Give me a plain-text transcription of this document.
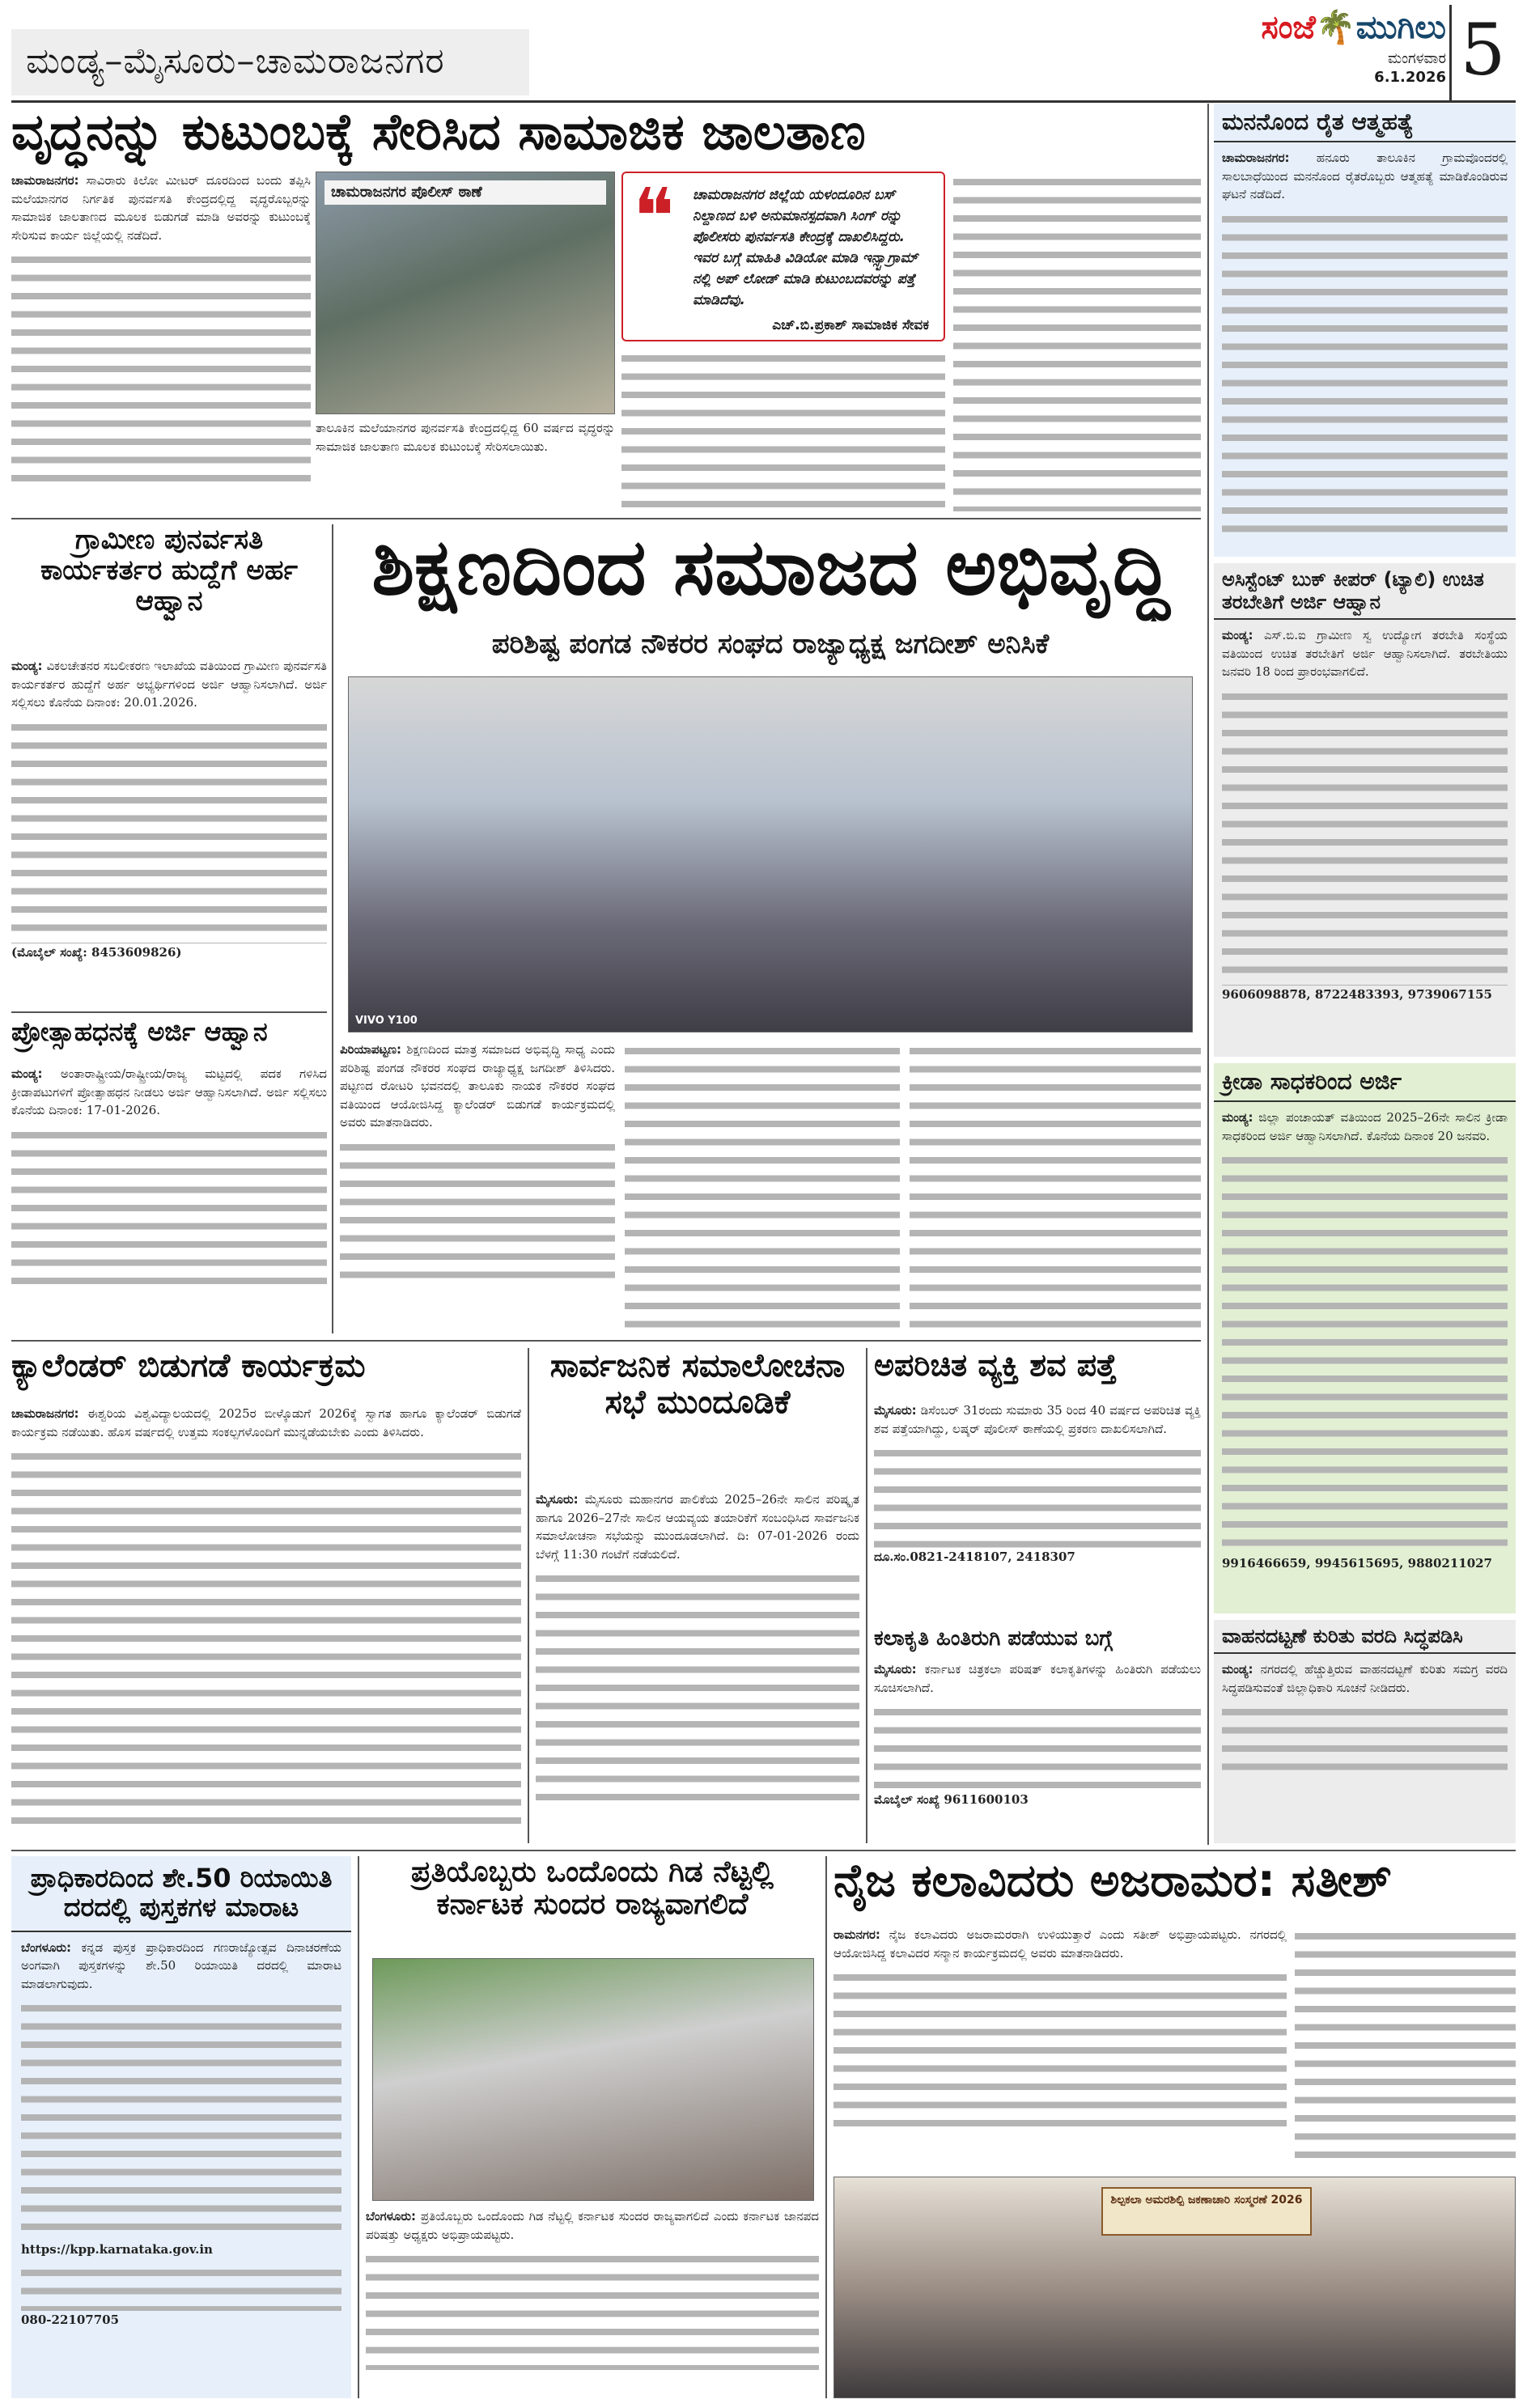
ಮಂಡ್ಯ–ಮೈಸೂರು–ಚಾಮರಾಜನಗರ
ಸಂಜೆ🌴ಮುಗಿಲು
ಮಂಗಳವಾರ
6.1.2026 5
ವೃದ್ಧನನ್ನು ಕುಟುಂಬಕ್ಕೆ ಸೇರಿಸಿದ ಸಾಮಾಜಿಕ ಜಾಲತಾಣ
ಚಾಮರಾಜನಗರ: ಸಾವಿರಾರು ಕಿಲೋ ಮೀಟರ್ ದೂರದಿಂದ ಬಂದು ತಪ್ಪಿಸಿ ಮಲೆಯಾನಗರ ನಿರ್ಗತಿಕ ಪುನರ್ವಸತಿ ಕೇಂದ್ರದಲ್ಲಿದ್ದ ವೃದ್ಧರೊಬ್ಬರನ್ನು ಸಾಮಾಜಿಕ ಜಾಲತಾಣದ ಮೂಲಕ ಬಿಡುಗಡೆ ಮಾಡಿ ಅವರನ್ನು ಕುಟುಂಬಕ್ಕೆ ಸೇರಿಸುವ ಕಾರ್ಯ ಜಿಲ್ಲೆಯಲ್ಲಿ ನಡೆದಿದೆ.
ಚಾಮರಾಜನಗರ ಪೊಲೀಸ್ ಠಾಣೆ
ತಾಲೂಕಿನ ಮಲೆಯಾನಗರ ಪುನರ್ವಸತಿ ಕೇಂದ್ರದಲ್ಲಿದ್ದ 60 ವರ್ಷದ ವೃದ್ಧರನ್ನು ಸಾಮಾಜಿಕ ಜಾಲತಾಣ ಮೂಲಕ ಕುಟುಂಬಕ್ಕೆ ಸೇರಿಸಲಾಯಿತು.
❝ ಚಾಮರಾಜನಗರ ಜಿಲ್ಲೆಯ ಯಳಂದೂರಿನ ಬಸ್ ನಿಲ್ದಾಣದ ಬಳಿ ಅನುಮಾನಸ್ಪದವಾಗಿ ಸಿಂಗ್ ರನ್ನು ಪೊಲೀಸರು ಪುನರ್ವಸತಿ ಕೇಂದ್ರಕ್ಕೆ ದಾಖಲಿಸಿದ್ದರು. ಇವರ ಬಗ್ಗೆ ಮಾಹಿತಿ ವಿಡಿಯೋ ಮಾಡಿ ಇನ್ಸ್ಟಾಗ್ರಾಮ್ ನಲ್ಲಿ ಅಪ್ ಲೋಡ್ ಮಾಡಿ ಕುಟುಂಬದವರನ್ನು ಪತ್ತೆ ಮಾಡಿದೆವು.
ಎಚ್.ಬಿ.ಪ್ರಕಾಶ್ ಸಾಮಾಜಿಕ ಸೇವಕ
ಗ್ರಾಮೀಣ ಪುನರ್ವಸತಿ ಕಾರ್ಯಕರ್ತರ ಹುದ್ದೆಗೆ ಅರ್ಹ ಆಹ್ವಾನ
ಮಂಡ್ಯ: ವಿಕಲಚೇತನರ ಸಬಲೀಕರಣ ಇಲಾಖೆಯ ವತಿಯಿಂದ ಗ್ರಾಮೀಣ ಪುನರ್ವಸತಿ ಕಾರ್ಯಕರ್ತರ ಹುದ್ದೆಗೆ ಅರ್ಹ ಅಭ್ಯರ್ಥಿಗಳಿಂದ ಅರ್ಜಿ ಆಹ್ವಾನಿಸಲಾಗಿದೆ. ಅರ್ಜಿ ಸಲ್ಲಿಸಲು ಕೊನೆಯ ದಿನಾಂಕ: 20.01.2026.
(ಮೊಬೈಲ್ ಸಂಖ್ಯೆ: 8453609826)
ಪ್ರೋತ್ಸಾಹಧನಕ್ಕೆ ಅರ್ಜಿ ಆಹ್ವಾನ
ಮಂಡ್ಯ: ಅಂತಾರಾಷ್ಟ್ರೀಯ/ರಾಷ್ಟ್ರೀಯ/ರಾಜ್ಯ ಮಟ್ಟದಲ್ಲಿ ಪದಕ ಗಳಿಸಿದ ಕ್ರೀಡಾಪಟುಗಳಿಗೆ ಪ್ರೋತ್ಸಾಹಧನ ನೀಡಲು ಅರ್ಜಿ ಆಹ್ವಾನಿಸಲಾಗಿದೆ. ಅರ್ಜಿ ಸಲ್ಲಿಸಲು ಕೊನೆಯ ದಿನಾಂಕ: 17-01-2026.
ಶಿಕ್ಷಣದಿಂದ ಸಮಾಜದ ಅಭಿವೃದ್ಧಿ
ಪರಿಶಿಷ್ಟ ಪಂಗಡ ನೌಕರರ ಸಂಘದ ರಾಜ್ಯಾಧ್ಯಕ್ಷ ಜಗದೀಶ್ ಅನಿಸಿಕೆ
VIVO Y100
ಪಿರಿಯಾಪಟ್ಟಣ: ಶಿಕ್ಷಣದಿಂದ ಮಾತ್ರ ಸಮಾಜದ ಅಭಿವೃದ್ಧಿ ಸಾಧ್ಯ ಎಂದು ಪರಿಶಿಷ್ಟ ಪಂಗಡ ನೌಕರರ ಸಂಘದ ರಾಜ್ಯಾಧ್ಯಕ್ಷ ಜಗದೀಶ್ ತಿಳಿಸಿದರು. ಪಟ್ಟಣದ ರೋಟರಿ ಭವನದಲ್ಲಿ ತಾಲೂಕು ನಾಯಕ ನೌಕರರ ಸಂಘದ ವತಿಯಿಂದ ಆಯೋಜಿಸಿದ್ದ ಕ್ಯಾಲೆಂಡರ್ ಬಿಡುಗಡೆ ಕಾರ್ಯಕ್ರಮದಲ್ಲಿ ಅವರು ಮಾತನಾಡಿದರು.
ಕ್ಯಾಲೆಂಡರ್ ಬಿಡುಗಡೆ ಕಾರ್ಯಕ್ರಮ
ಚಾಮರಾಜನಗರ: ಈಶ್ವರಿಯ ವಿಶ್ವವಿದ್ಯಾಲಯದಲ್ಲಿ 2025ರ ಬೀಳ್ಕೊಡುಗೆ 2026ಕ್ಕೆ ಸ್ವಾಗತ ಹಾಗೂ ಕ್ಯಾಲೆಂಡರ್ ಬಿಡುಗಡೆ ಕಾರ್ಯಕ್ರಮ ನಡೆಯಿತು. ಹೊಸ ವರ್ಷದಲ್ಲಿ ಉತ್ತಮ ಸಂಕಲ್ಪಗಳೊಂದಿಗೆ ಮುನ್ನಡೆಯಬೇಕು ಎಂದು ತಿಳಿಸಿದರು.
ಸಾರ್ವಜನಿಕ ಸಮಾಲೋಚನಾ ಸಭೆ ಮುಂದೂಡಿಕೆ
ಮೈಸೂರು: ಮೈಸೂರು ಮಹಾನಗರ ಪಾಲಿಕೆಯ 2025–26ನೇ ಸಾಲಿನ ಪರಿಷ್ಕೃತ ಹಾಗೂ 2026–27ನೇ ಸಾಲಿನ ಆಯವ್ಯಯ ತಯಾರಿಕೆಗೆ ಸಂಬಂಧಿಸಿದ ಸಾರ್ವಜನಿಕ ಸಮಾಲೋಚನಾ ಸಭೆಯನ್ನು ಮುಂದೂಡಲಾಗಿದೆ. ದಿ: 07-01-2026 ರಂದು ಬೆಳಗ್ಗೆ 11:30 ಗಂಟೆಗೆ ನಡೆಯಲಿದೆ.
ಅಪರಿಚಿತ ವ್ಯಕ್ತಿ ಶವ ಪತ್ತೆ
ಮೈಸೂರು: ಡಿಸೆಂಬರ್ 31ರಂದು ಸುಮಾರು 35 ರಿಂದ 40 ವರ್ಷದ ಅಪರಿಚಿತ ವ್ಯಕ್ತಿ ಶವ ಪತ್ತೆಯಾಗಿದ್ದು, ಲಷ್ಕರ್ ಪೊಲೀಸ್ ಠಾಣೆಯಲ್ಲಿ ಪ್ರಕರಣ ದಾಖಲಿಸಲಾಗಿದೆ.
ದೂ.ಸಂ.0821-2418107, 2418307
ಕಲಾಕೃತಿ ಹಿಂತಿರುಗಿ ಪಡೆಯುವ ಬಗ್ಗೆ
ಮೈಸೂರು: ಕರ್ನಾಟಕ ಚಿತ್ರಕಲಾ ಪರಿಷತ್ ಕಲಾಕೃತಿಗಳನ್ನು ಹಿಂತಿರುಗಿ ಪಡೆಯಲು ಸೂಚಿಸಲಾಗಿದೆ.
ಮೊಬೈಲ್ ಸಂಖ್ಯೆ 9611600103
ಮನನೊಂದ ರೈತ ಆತ್ಮಹತ್ಯೆ
ಚಾಮರಾಜನಗರ: ಹನೂರು ತಾಲೂಕಿನ ಗ್ರಾಮವೊಂದರಲ್ಲಿ ಸಾಲಬಾಧೆಯಿಂದ ಮನನೊಂದ ರೈತರೊಬ್ಬರು ಆತ್ಮಹತ್ಯೆ ಮಾಡಿಕೊಂಡಿರುವ ಘಟನೆ ನಡೆದಿದೆ.
ಅಸಿಸ್ಟೆಂಟ್ ಬುಕ್ ಕೀಪರ್ (ಟ್ಯಾಲಿ) ಉಚಿತ ತರಬೇತಿಗೆ ಅರ್ಜಿ ಆಹ್ವಾನ
ಮಂಡ್ಯ: ಎಸ್.ಬಿ.ಐ ಗ್ರಾಮೀಣ ಸ್ವ ಉದ್ಯೋಗ ತರಬೇತಿ ಸಂಸ್ಥೆಯ ವತಿಯಿಂದ ಉಚಿತ ತರಬೇತಿಗೆ ಅರ್ಜಿ ಆಹ್ವಾನಿಸಲಾಗಿದೆ. ತರಬೇತಿಯು ಜನವರಿ 18 ರಿಂದ ಪ್ರಾರಂಭವಾಗಲಿದೆ.
9606098878, 8722483393, 9739067155
ಕ್ರೀಡಾ ಸಾಧಕರಿಂದ ಅರ್ಜಿ
ಮಂಡ್ಯ: ಜಿಲ್ಲಾ ಪಂಚಾಯತ್ ವತಿಯಿಂದ 2025–26ನೇ ಸಾಲಿನ ಕ್ರೀಡಾ ಸಾಧಕರಿಂದ ಅರ್ಜಿ ಆಹ್ವಾನಿಸಲಾಗಿದೆ. ಕೊನೆಯ ದಿನಾಂಕ 20 ಜನವರಿ.
9916466659, 9945615695, 9880211027
ವಾಹನದಟ್ಟಣೆ ಕುರಿತು ವರದಿ ಸಿದ್ಧಪಡಿಸಿ
ಮಂಡ್ಯ: ನಗರದಲ್ಲಿ ಹೆಚ್ಚುತ್ತಿರುವ ವಾಹನದಟ್ಟಣೆ ಕುರಿತು ಸಮಗ್ರ ವರದಿ ಸಿದ್ಧಪಡಿಸುವಂತೆ ಜಿಲ್ಲಾಧಿಕಾರಿ ಸೂಚನೆ ನೀಡಿದರು.
ಪ್ರಾಧಿಕಾರದಿಂದ ಶೇ.50 ರಿಯಾಯಿತಿ ದರದಲ್ಲಿ ಪುಸ್ತಕಗಳ ಮಾರಾಟ
ಬೆಂಗಳೂರು: ಕನ್ನಡ ಪುಸ್ತಕ ಪ್ರಾಧಿಕಾರದಿಂದ ಗಣರಾಜ್ಯೋತ್ಸವ ದಿನಾಚರಣೆಯ ಅಂಗವಾಗಿ ಪುಸ್ತಕಗಳನ್ನು ಶೇ.50 ರಿಯಾಯಿತಿ ದರದಲ್ಲಿ ಮಾರಾಟ ಮಾಡಲಾಗುವುದು.
https://kpp.karnataka.gov.in
080-22107705
ಪ್ರತಿಯೊಬ್ಬರು ಒಂದೊಂದು ಗಿಡ ನೆಟ್ಟಲ್ಲಿ ಕರ್ನಾಟಕ ಸುಂದರ ರಾಜ್ಯವಾಗಲಿದೆ
ಬೆಂಗಳೂರು: ಪ್ರತಿಯೊಬ್ಬರು ಒಂದೊಂದು ಗಿಡ ನೆಟ್ಟಲ್ಲಿ ಕರ್ನಾಟಕ ಸುಂದರ ರಾಜ್ಯವಾಗಲಿದೆ ಎಂದು ಕರ್ನಾಟಕ ಜಾನಪದ ಪರಿಷತ್ತು ಅಧ್ಯಕ್ಷರು ಅಭಿಪ್ರಾಯಪಟ್ಟರು.
ನೈಜ ಕಲಾವಿದರು ಅಜರಾಮರ: ಸತೀಶ್
ರಾಮನಗರ: ನೈಜ ಕಲಾವಿದರು ಅಜರಾಮರರಾಗಿ ಉಳಿಯುತ್ತಾರೆ ಎಂದು ಸತೀಶ್ ಅಭಿಪ್ರಾಯಪಟ್ಟರು. ನಗರದಲ್ಲಿ ಆಯೋಜಿಸಿದ್ದ ಕಲಾವಿದರ ಸನ್ಮಾನ ಕಾರ್ಯಕ್ರಮದಲ್ಲಿ ಅವರು ಮಾತನಾಡಿದರು.
ಶಿಲ್ಪಕಲಾ ಅಮರಶಿಲ್ಪಿ ಜಕಣಾಚಾರಿ ಸಂಸ್ಮರಣೆ 2026
